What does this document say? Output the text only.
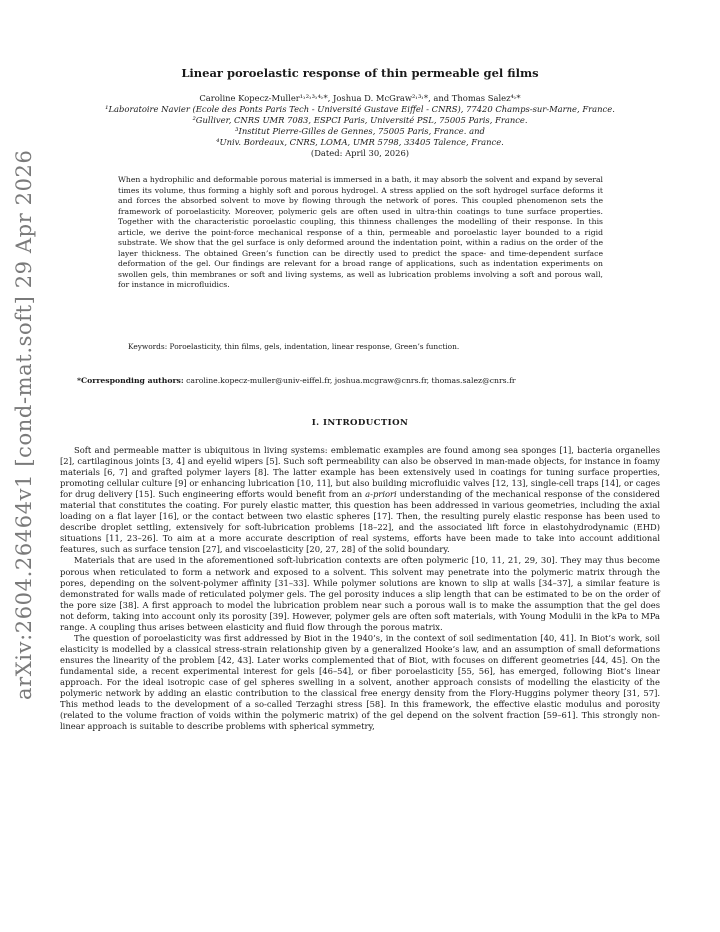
arXiv:2604.26464v1 [cond-mat.soft] 29 Apr 2026
Linear poroelastic response of thin permeable gel films
Caroline Kopecz-Muller¹˒²˒³˒⁴˒*, Joshua D. McGraw²˒³˒*, and Thomas Salez⁴˒*
¹Laboratoire Navier (Ecole des Ponts Paris Tech - Université Gustave Eiffel - CNRS), 77420 Champs-sur-Marne, France.
²Gulliver, CNRS UMR 7083, ESPCI Paris, Université PSL, 75005 Paris, France.
³Institut Pierre-Gilles de Gennes, 75005 Paris, France. and
⁴Univ. Bordeaux, CNRS, LOMA, UMR 5798, 33405 Talence, France.
(Dated: April 30, 2026)
When a hydrophilic and deformable porous material is immersed in a bath, it may absorb the solvent and expand by several times its volume, thus forming a highly soft and porous hydrogel. A stress applied on the soft hydrogel surface deforms it and forces the absorbed solvent to move by flowing through the network of pores. This coupled phenomenon sets the framework of poroelasticity. Moreover, polymeric gels are often used in ultra-thin coatings to tune surface properties. Together with the characteristic poroelastic coupling, this thinness challenges the modelling of their response. In this article, we derive the point-force mechanical response of a thin, permeable and poroelastic layer bounded to a rigid substrate. We show that the gel surface is only deformed around the indentation point, within a radius on the order of the layer thickness. The obtained Green’s function can be directly used to predict the space- and time-dependent surface deformation of the gel. Our findings are relevant for a broad range of applications, such as indentation experiments on swollen gels, thin membranes or soft and living systems, as well as lubrication problems involving a soft and porous wall, for instance in microfluidics.
Keywords: Poroelasticity, thin films, gels, indentation, linear response, Green’s function.
*Corresponding authors: caroline.kopecz-muller@univ-eiffel.fr, joshua.mcgraw@cnrs.fr, thomas.salez@cnrs.fr
I. INTRODUCTION

Soft and permeable matter is ubiquitous in living systems: emblematic examples are found among sea sponges [1], bacteria organelles [2], cartilaginous joints [3, 4] and eyelid wipers [5]. Such soft permeability can also be observed in man-made objects, for instance in foamy materials [6, 7] and grafted polymer layers [8]. The latter example has been extensively used in coatings for tuning surface properties, promoting cellular culture [9] or enhancing lubrication [10, 11], but also building microfluidic valves [12, 13], single-cell traps [14], or cages for drug delivery [15]. Such engineering efforts would benefit from an a-priori understanding of the mechanical response of the considered material that constitutes the coating. For purely elastic matter, this question has been addressed in various geometries, including the axial loading on a flat layer [16], or the contact between two elastic spheres [17]. Then, the resulting purely elastic response has been used to describe droplet settling, extensively for soft-lubrication problems [18–22], and the associated lift force in elastohydrodynamic (EHD) situations [11, 23–26]. To aim at a more accurate description of real systems, efforts have been made to take into account additional features, such as surface tension [27], and viscoelasticity [20, 27, 28] of the solid boundary.

Materials that are used in the aforementioned soft-lubrication contexts are often polymeric [10, 11, 21, 29, 30]. They may thus become porous when reticulated to form a network and exposed to a solvent. This solvent may penetrate into the polymeric matrix through the pores, depending on the solvent-polymer affinity [31–33]. While polymer solutions are known to slip at walls [34–37], a similar feature is demonstrated for walls made of reticulated polymer gels. The gel porosity induces a slip length that can be estimated to be on the order of the pore size [38]. A first approach to model the lubrication problem near such a porous wall is to make the assumption that the gel does not deform, taking into account only its porosity [39]. However, polymer gels are often soft materials, with Young Modulii in the kPa to MPa range. A coupling thus arises between elasticity and fluid flow through the porous matrix.

The question of poroelasticity was first addressed by Biot in the 1940’s, in the context of soil sedimentation [40, 41]. In Biot’s work, soil elasticity is modelled by a classical stress-strain relationship given by a generalized Hooke’s law, and an assumption of small deformations ensures the linearity of the problem [42, 43]. Later works complemented that of Biot, with focuses on different geometries [44, 45]. On the fundamental side, a recent experimental interest for gels [46–54], or fiber poroelasticity [55, 56], has emerged, following Biot’s linear approach. For the ideal isotropic case of gel spheres swelling in a solvent, another approach consists of modelling the elasticity of the polymeric network by adding an elastic contribution to the classical free energy density from the Flory-Huggins polymer theory [31, 57]. This method leads to the development of a so-called Terzaghi stress [58]. In this framework, the effective elastic modulus and porosity (related to the volume fraction of voids within the polymeric matrix) of the gel depend on the solvent fraction [59–61]. This strongly non-linear approach is suitable to describe problems with spherical symmetry,
